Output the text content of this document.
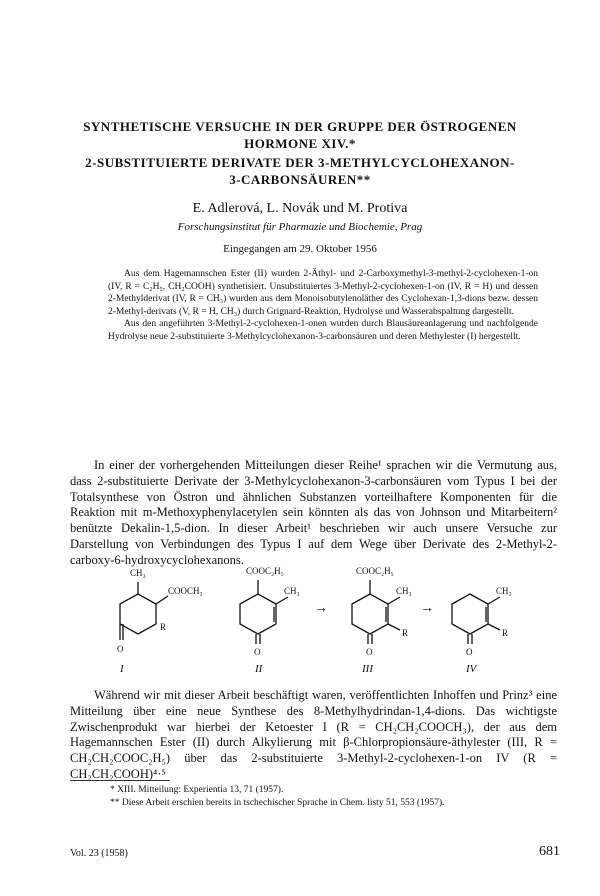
SYNTHETISCHE VERSUCHE IN DER GRUPPE DER ÖSTROGENEN
HORMONE XIV.*
2-SUBSTITUIERTE DERIVATE DER 3-METHYLCYCLOHEXANON-
3-CARBONSÄUREN**
E. Adlerová, L. Novák und M. Protiva
Forschungsinstitut für Pharmazie und Biochemie, Prag
Eingegangen am 29. Oktober 1956

Aus dem Hagemannschen Ester (II) wurden 2-Äthyl- und 2-Carboxymethyl-3-methyl-2-cyclohexen-1-on (IV, R = C₂H₅, CH₂COOH) synthetisiert. Unsubstituiertes 3-Methyl-2-cyclohexen-1-on (IV, R = H) und dessen 2-Methylderivat (IV, R = CH₃) wurden aus dem Monoisobutylenoläther des Cyclohexan-1,3-dions bezw. dessen 2-Methyl-derivats (V, R = H, CH₃) durch Grignard-Reaktion, Hydrolyse und Wasserabspaltung dargestellt.

Aus den angeführten 3-Methyl-2-cyclohexen-1-onen wurden durch Blausäureanlagerung und nachfolgende Hydrolyse neue 2-substituierte 3-Methylcyclohexanon-3-carbonsäuren und deren Methylester (I) hergestellt.

In einer der vorhergehenden Mitteilungen dieser Reihe¹ sprachen wir die Vermutung aus, dass 2-substituierte Derivate der 3-Methylcyclohexanon-3-carbonsäuren vom Typus I bei der Totalsynthese von Östron und ähnlichen Substanzen vorteilhaftere Komponenten für die Reaktion mit m-Methoxyphenylacetylen sein könnten als das von Johnson und Mitarbeitern² benützte Dekalin-1,5-dion. In dieser Arbeit¹ beschrieben wir auch unsere Versuche zur Darstellung von Verbindungen des Typus I auf dem Wege über Derivate des 2-Methyl-2-carboxy-6-hydroxycyclohexanons.

CH₃
COOCH₃
R
O
I
COOC₂H₅
CH₃
O
II
→
COOC₂H₅
CH₃
R
O
III
→
CH₃
R
O
IV

Während wir mit dieser Arbeit beschäftigt waren, veröffentlichten Inhoffen und Prinz³ eine Mitteilung über eine neue Synthese des 8-Methylhydrindan-1,4-dions. Das wichtigste Zwischenprodukt war hierbei der Ketoester I (R = CH₂CH₂COOCH₃), der aus dem Hagemannschen Ester (II) durch Alkylierung mit β-Chlorpropionsäure-äthylester (III, R = CH₂CH₂COOC₂H₅) über das 2-substituierte 3-Methyl-2-cyclohexen-1-on IV (R = CH₂CH₂COOH)⁴·⁵

* XIII. Mitteilung: Experientia 13, 71 (1957).
** Diese Arbeit erschien bereits in tschechischer Sprache in Chem. listy 51, 553 (1957).
Vol. 23 (1958)	681
